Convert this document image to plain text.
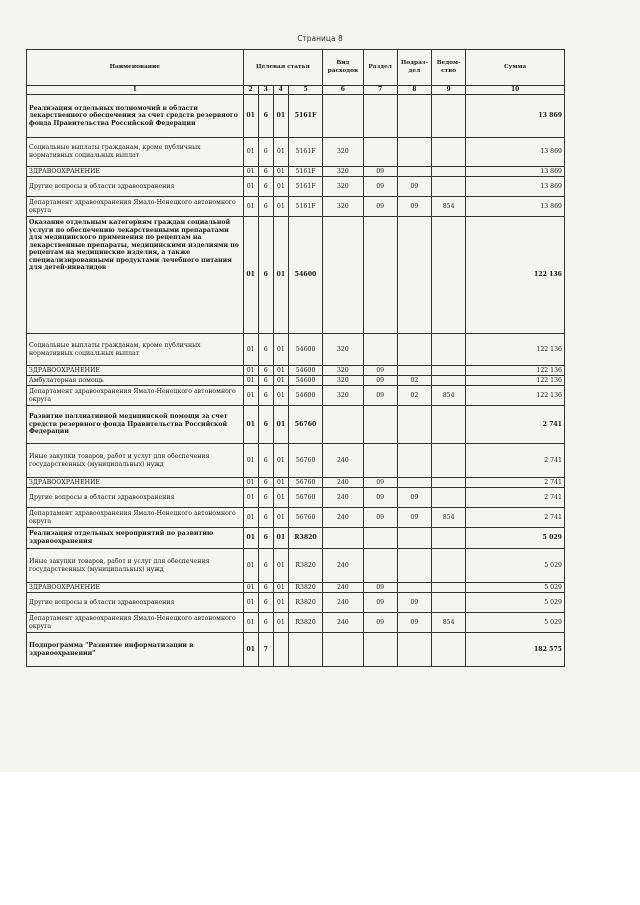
Страница 8
Наименование	Целевая статья				Вид расходов	Раздел	Подраз-дел	Ведом-ство	Сумма
1	2	3	4	5	6	7	8	9	10
Реализация отдельных полномочий в области лекарственного обеспечения за счет средств резервного фонда Правительства Российской Федерации	01	6	01	5161F					13 869
Социальные выплаты гражданам, кроме публичных нормативных социальных выплат	01	6	01	5161F	320				13 869
ЗДРАВООХРАНЕНИЕ	01	6	01	5161F	320	09			13 869
Другие вопросы в области здравоохранения	01	6	01	5161F	320	09	09		13 869
Департамент здравоохранения Ямало-Ненецкого автономного округа	01	6	01	5161F	320	09	09	854	13 869
Оказание отдельным категориям граждан социальной услуги по обеспечению лекарственными препаратами для медицинского применения по рецептам на лекарственные препараты, медицинскими изделиями по рецептам на медицинские изделия, а также специализированными продуктами лечебного питания для детей-инвалидов	01	6	01	54600					122 136
Социальные выплаты гражданам, кроме публичных нормативных социальных выплат	01	6	01	54600	320				122 136
ЗДРАВООХРАНЕНИЕ	01	6	01	54600	320	09			122 136
Амбулаторная помощь	01	6	01	54600	320	09	02		122 136
Департамент здравоохранения Ямало-Ненецкого автономного округа	01	6	01	54600	320	09	02	854	122 136
Развитие паллиативной медицинской помощи за счет средств резервного фонда Правительства Российской Федерации	01	6	01	56760					2 741
Иные закупки товаров, работ и услуг для обеспечения государственных (муниципальных) нужд	01	6	01	56760	240				2 741
ЗДРАВООХРАНЕНИЕ	01	6	01	56760	240	09			2 741
Другие вопросы в области здравоохранения	01	6	01	56760	240	09	09		2 741
Департамент здравоохранения Ямало-Ненецкого автономного округа	01	6	01	56760	240	09	09	854	2 741
Реализация отдельных мероприятий по развитию здравоохранения	01	6	01	R3820					5 029
Иные закупки товаров, работ и услуг для обеспечения государственных (муниципальных) нужд	01	6	01	R3820	240				5 029
ЗДРАВООХРАНЕНИЕ	01	6	01	R3820	240	09			5 029
Другие вопросы в области здравоохранения	01	6	01	R3820	240	09	09		5 029
Департамент здравоохранения Ямало-Ненецкого автономного округа	01	6	01	R3820	240	09	09	854	5 029
Подпрограмма "Развитие информатизации в здравоохранении"	01	7							182 575
